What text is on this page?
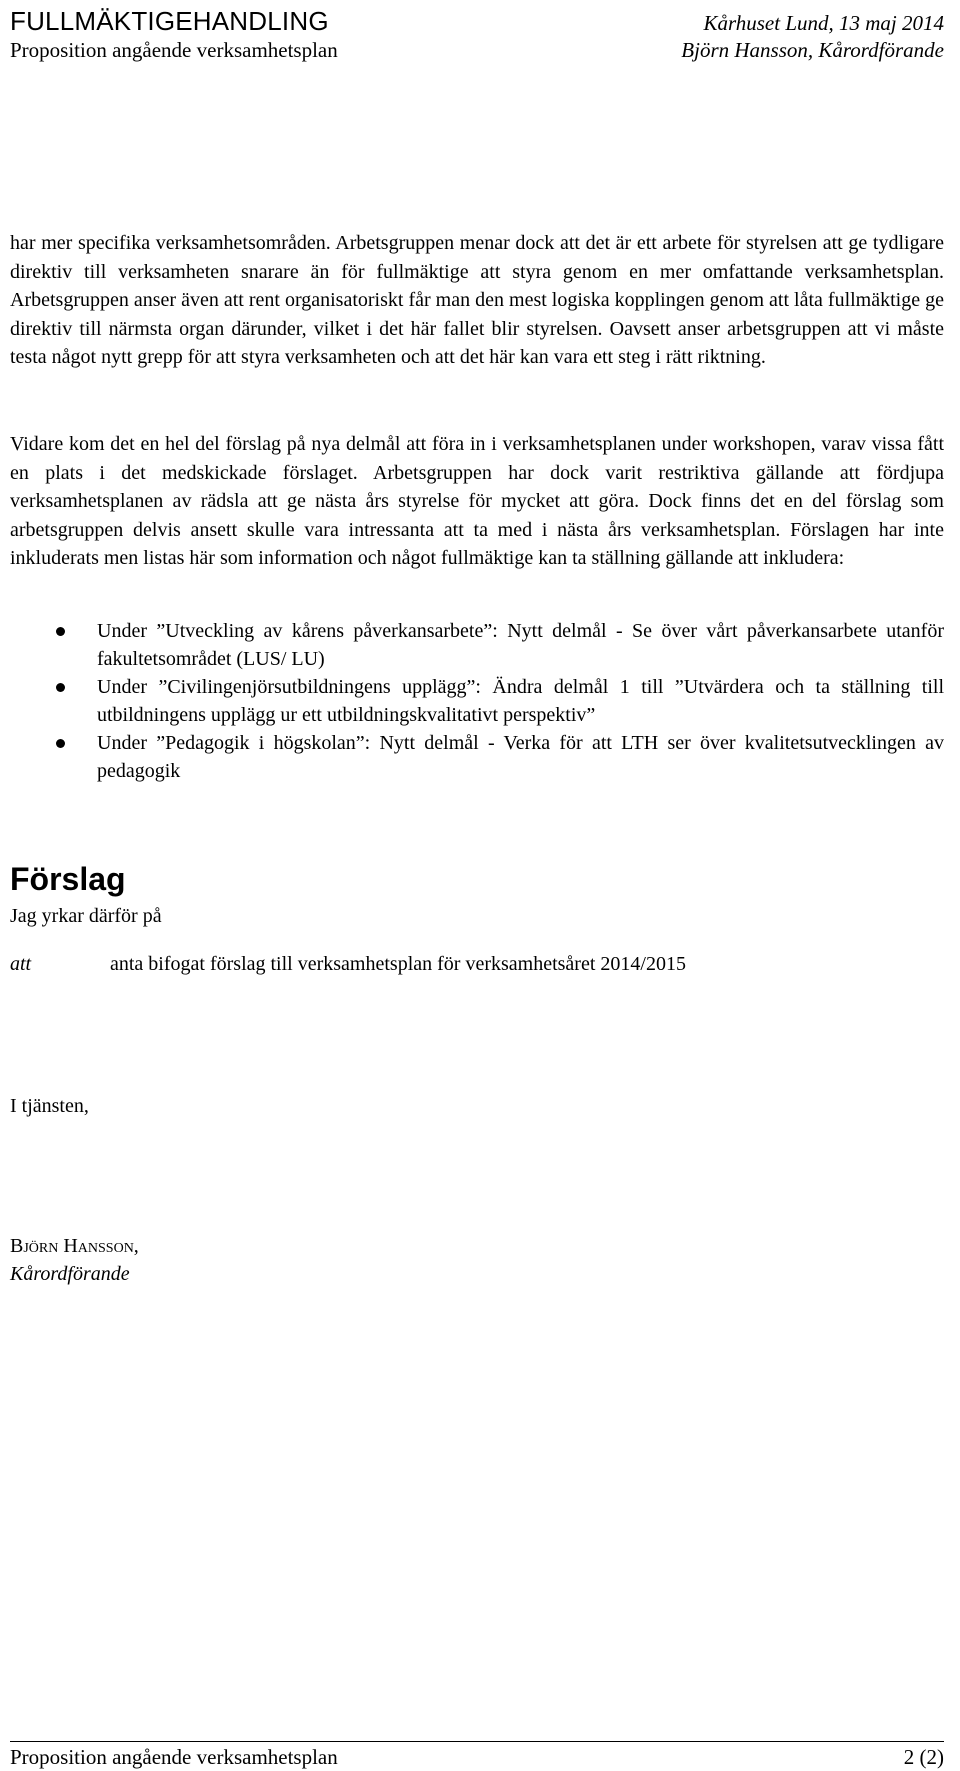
FULLMÄKTIGEHANDLING	Kårhuset Lund, 13 maj 2014
Proposition angående verksamhetsplan	Björn Hansson, Kårordförande

har mer specifika verksamhetsområden. Arbetsgruppen menar dock att det är ett arbete för styrelsen att ge tydligare direktiv till verksamheten snarare än för fullmäktige att styra genom en mer omfattande verksamhetsplan. Arbetsgruppen anser även att rent organisatoriskt får man den mest logiska kopplingen genom att låta fullmäktige ge direktiv till närmsta organ därunder, vilket i det här fallet blir styrelsen. Oavsett anser arbetsgruppen att vi måste testa något nytt grepp för att styra verksamheten och att det här kan vara ett steg i rätt riktning.

Vidare kom det en hel del förslag på nya delmål att föra in i verksamhetsplanen under workshopen, varav vissa fått en plats i det medskickade förslaget. Arbetsgruppen har dock varit restriktiva gällande att fördjupa verksamhetsplanen av rädsla att ge nästa års styrelse för mycket att göra. Dock finns det en del förslag som arbetsgruppen delvis ansett skulle vara intressanta att ta med i nästa års verksamhetsplan. Förslagen har inte inkluderats men listas här som information och något fullmäktige kan ta ställning gällande att inkludera:

Under ”Utveckling av kårens påverkansarbete”: Nytt delmål - Se över vårt påverkansarbete utanför fakultetsområdet (LUS/ LU)
Under ”Civilingenjörsutbildningens upplägg”: Ändra delmål 1 till ”Utvärdera och ta ställning till utbildningens upplägg ur ett utbildningskvalitativt perspektiv”
Under ”Pedagogik i högskolan”: Nytt delmål - Verka för att LTH ser över kvalitetsutvecklingen av pedagogik
Förslag
Jag yrkar därför på
att	anta bifogat förslag till verksamhetsplan för verksamhetsåret 2014/2015
I tjänsten,
Björn Hansson,
Kårordförande
Proposition angående verksamhetsplan	2 (2)
